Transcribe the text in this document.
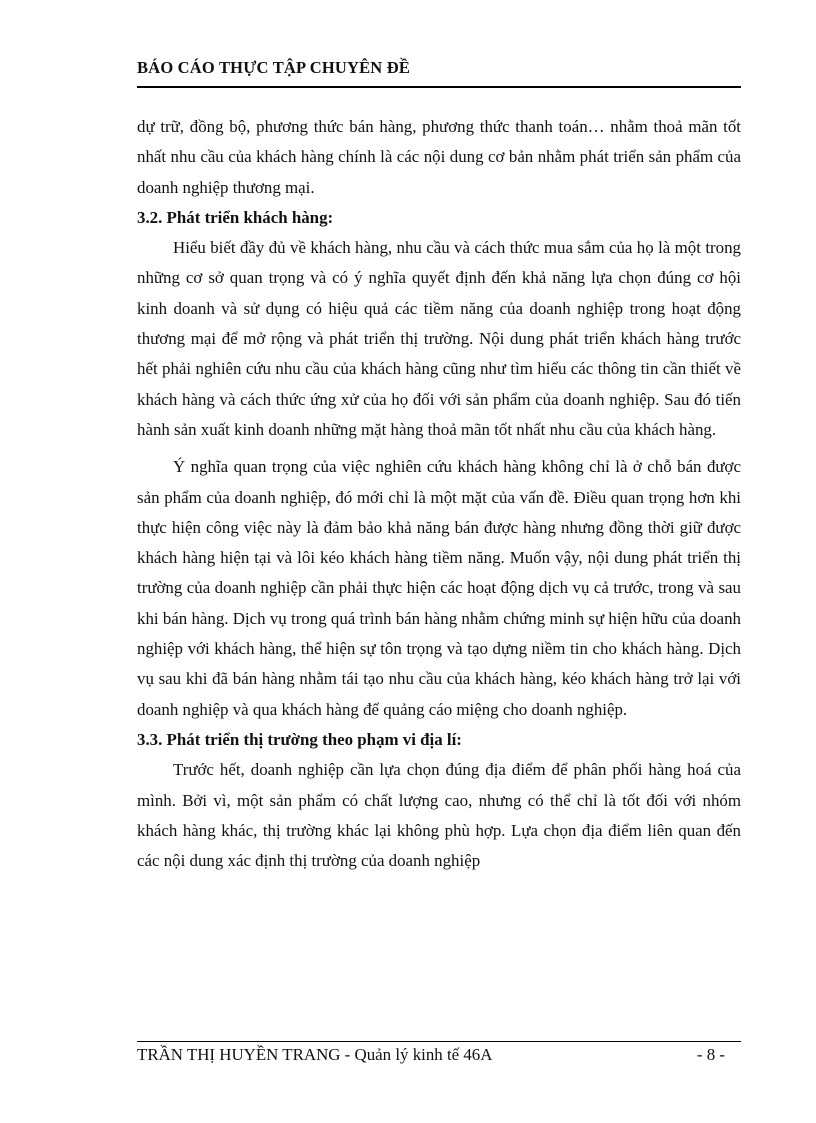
BÁO CÁO THỰC TẬP CHUYÊN ĐỀ

dự trữ, đồng bộ, phương thức bán hàng, phương thức thanh toán… nhằm thoả mãn tốt nhất nhu cầu của khách hàng chính là các nội dung cơ bản nhằm phát triển sản phẩm của doanh nghiệp thương mại.

3.2. Phát triển khách hàng:

Hiểu biết đầy đủ về khách hàng, nhu cầu và cách thức mua sắm của họ là một trong những cơ sở quan trọng và có ý nghĩa quyết định đến khả năng lựa chọn đúng cơ hội kinh doanh và sử dụng có hiệu quả các tiềm năng của doanh nghiệp trong hoạt động thương mại để mở rộng và phát triển thị trường. Nội dung phát triển khách hàng trước hết phải nghiên cứu nhu cầu của khách hàng cũng như tìm hiểu các thông tin cần thiết về khách hàng và cách thức ứng xử của họ đối với sản phẩm của doanh nghiệp. Sau đó tiến hành sản xuất kinh doanh những mặt hàng thoả mãn tốt nhất nhu cầu của khách hàng.

Ý nghĩa quan trọng của việc nghiên cứu khách hàng không chỉ là ở chỗ bán được sản phẩm của doanh nghiệp, đó mới chỉ là một mặt của vấn đề. Điều quan trọng hơn khi thực hiện công việc này là đảm bảo khả năng bán được hàng nhưng đồng thời giữ được khách hàng hiện tại và lôi kéo khách hàng tiềm năng. Muốn vậy, nội dung phát triển thị trường của doanh nghiệp cần phải thực hiện các hoạt động dịch vụ cả trước, trong và sau khi bán hàng. Dịch vụ trong quá trình bán hàng nhằm chứng minh sự hiện hữu của doanh nghiệp với khách hàng, thể hiện sự tôn trọng và tạo dựng niềm tin cho khách hàng. Dịch vụ sau khi đã bán hàng nhằm tái tạo nhu cầu của khách hàng, kéo khách hàng trở lại với doanh nghiệp và qua khách hàng để quảng cáo miệng cho doanh nghiệp.

3.3. Phát triển thị trường theo phạm vi địa lí:

Trước hết, doanh nghiệp cần lựa chọn đúng địa điểm để phân phối hàng hoá của mình. Bởi vì, một sản phẩm có chất lượng cao, nhưng có thể chỉ là tốt đối với nhóm khách hàng khác, thị trường khác lại không phù hợp. Lựa chọn địa điểm liên quan đến các nội dung xác định thị trường của doanh nghiệp

TRẦN THỊ HUYỀN TRANG - Quản lý kinh tế 46A	- 8 -
